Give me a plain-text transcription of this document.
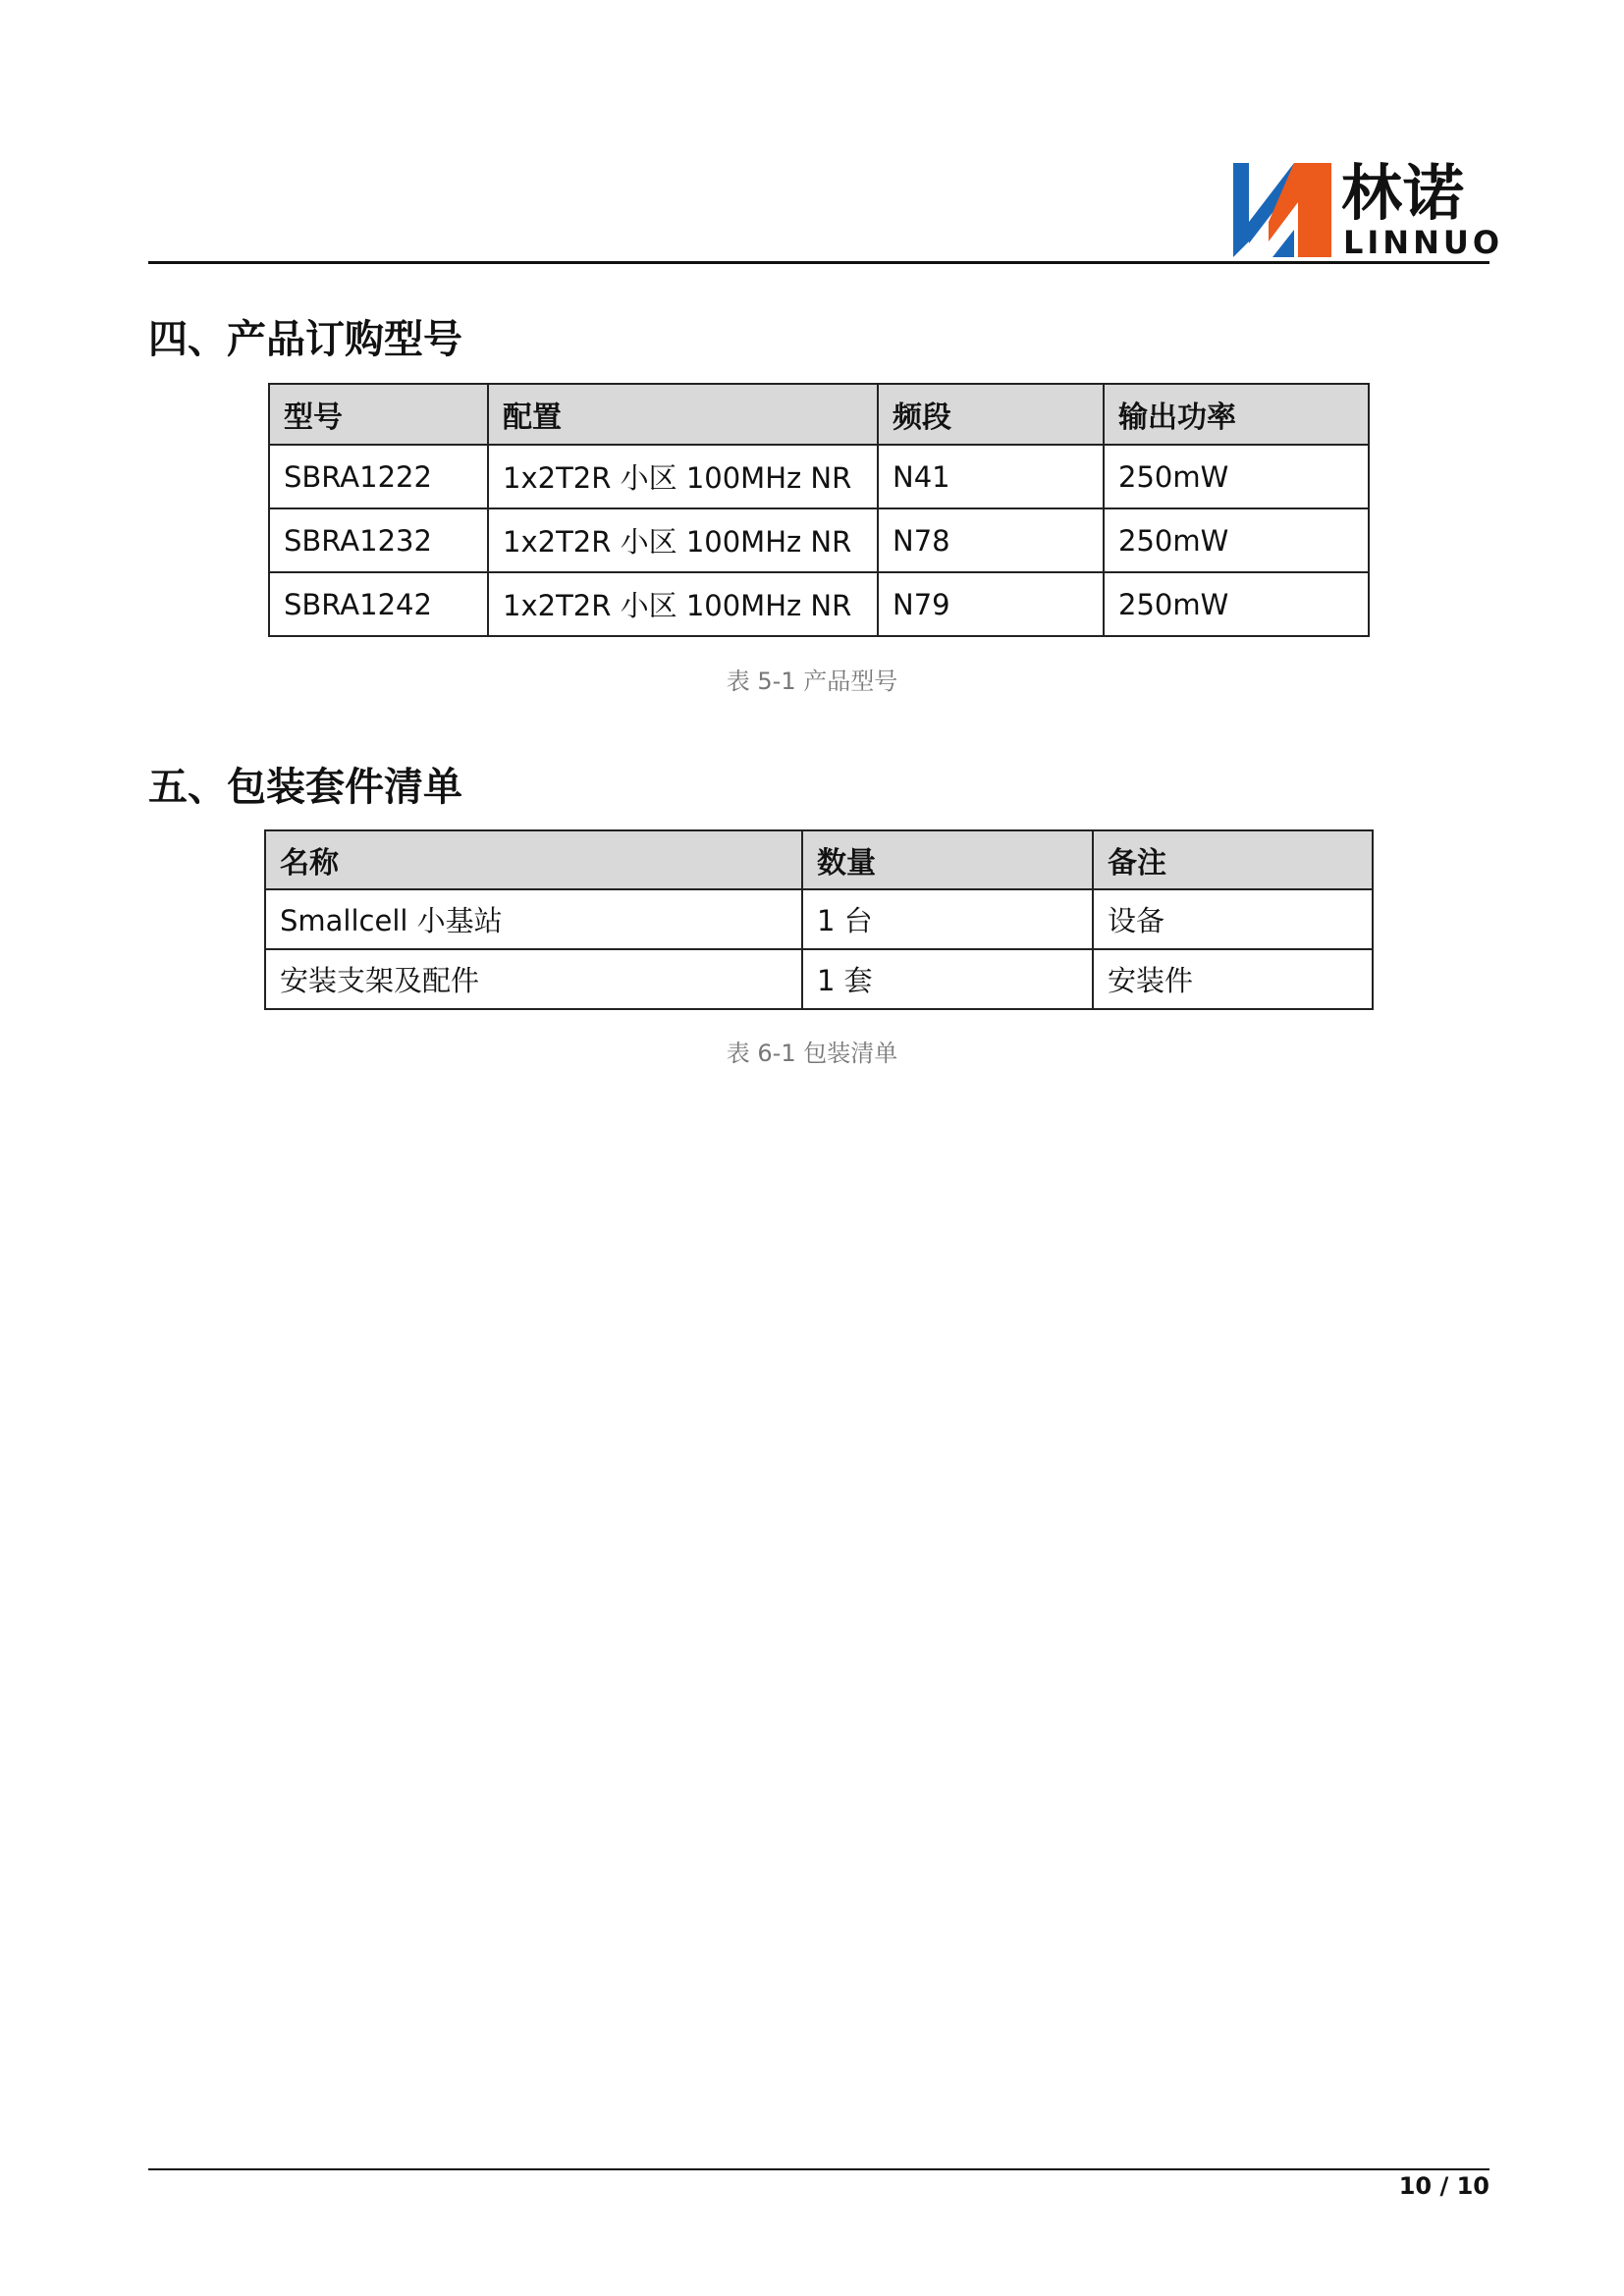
林诺
LINNUO
四、产品订购型号
型号	配置	频段	输出功率
SBRA1222	1x2T2R 小区 100MHz NR	N41	250mW
SBRA1232	1x2T2R 小区 100MHz NR	N78	250mW
SBRA1242	1x2T2R 小区 100MHz NR	N79	250mW
表 5-1 产品型号
五、包装套件清单
名称	数量	备注
Smallcell 小基站	1 台	设备
安装支架及配件	1 套	安装件
表 6-1 包装清单
10 / 10
